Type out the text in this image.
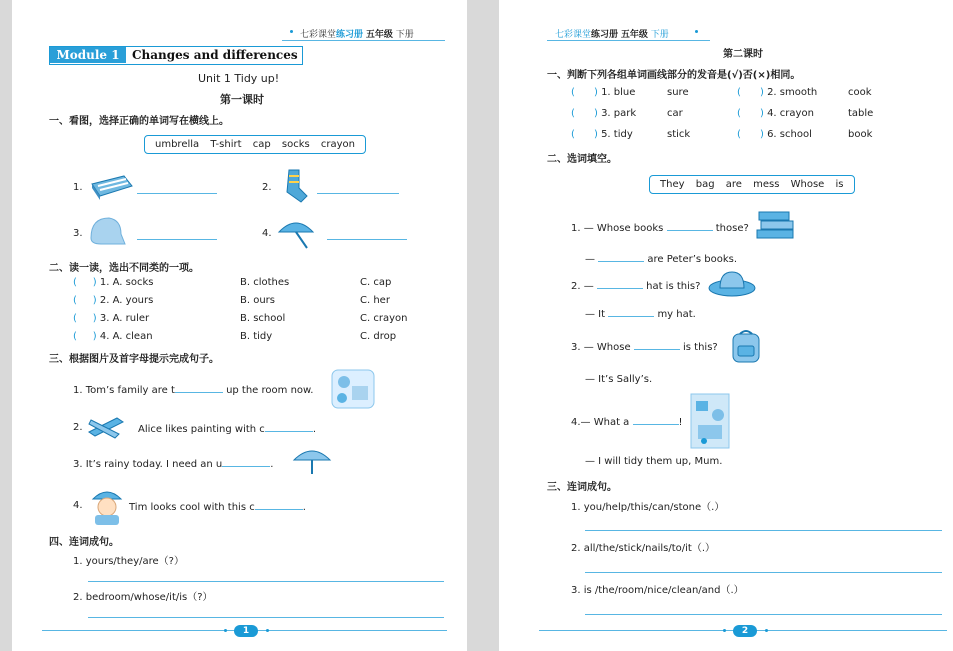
七彩课堂练习册 五年级 下册
Module 1	Changes and differences
Unit 1 Tidy up!
第一课时
一、看图，选择正确的单词写在横线上。
umbrella T-shirt cap socks crayon
1.	2.
3.	4.
二、读一读，选出不同类的一项。
(     ) 1. A. socks	B. clothes	C. cap
(     ) 2. A. yours	B. ours	C. her
(     ) 3. A. ruler	B. school	C. crayon
(     ) 4. A. clean	B. tidy	C. drop
三、根据图片及首字母提示完成句子。
1. Tom’s family are t	up the room now.
2.	Alice likes painting with c	.
3. It’s rainy today. I need an u	.
4.	Tim looks cool with this c	.
四、连词成句。
1. yours/they/are（?）
2. bedroom/whose/it/is（?）
1
七彩课堂练习册 五年级 下册
第二课时
一、判断下列各组单词画线部分的发音是(√)否(×)相同。
(      ) 1. blue	sure	(      ) 2. smooth	cook
(      ) 3. park	car	(      ) 4. crayon	table
(      ) 5. tidy	stick	(      ) 6. school	book
二、选词填空。
They bag are mess Whose is
1. — Whose books	those?
—	are Peter’s books.
2. —	hat is this?
— It	my hat.
3. — Whose	is this?
— It’s Sally’s.
4.— What a	!
— I will tidy them up, Mum.
三、连词成句。
1. you/help/this/can/stone（.）
2. all/the/stick/nails/to/it（.）
3. is /the/room/nice/clean/and（.）
2
